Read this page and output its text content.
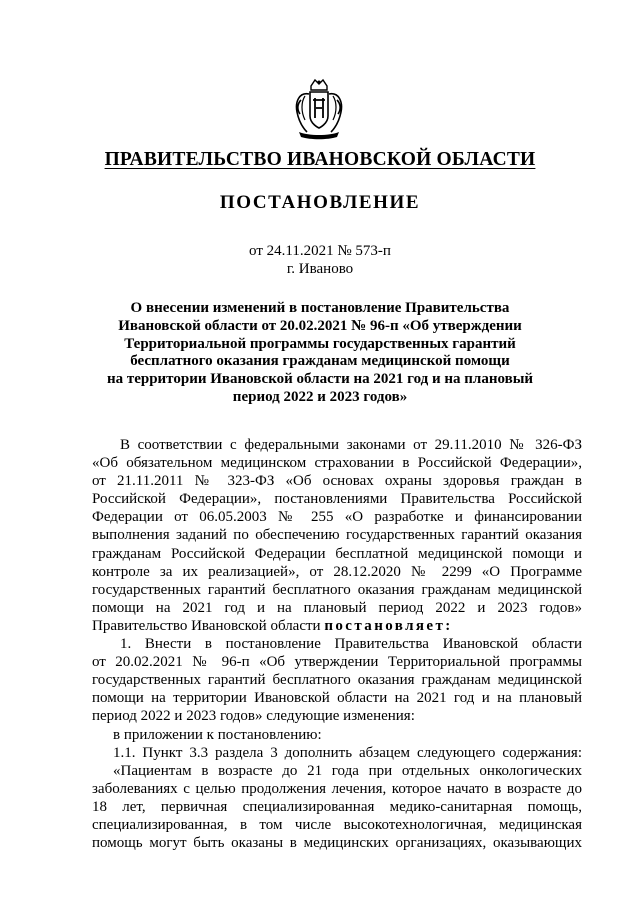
ПРАВИТЕЛЬСТВО ИВАНОВСКОЙ ОБЛАСТИ
ПОСТАНОВЛЕНИЕ
от 24.11.2021 № 573-п
г. Иваново
О внесении изменений в постановление Правительства
Ивановской области от 20.02.2021 № 96-п «Об утверждении
Территориальной программы государственных гарантий
бесплатного оказания гражданам медицинской помощи
на территории Ивановской области на 2021 год и на плановый
период 2022 и 2023 годов»
В соответствии с федеральными законами от 29.11.2010 № 326-ФЗ
«Об обязательном медицинском страховании в Российской Федерации»,
от 21.11.2011 № 323-ФЗ «Об основах охраны здоровья граждан в
Российской Федерации», постановлениями Правительства Российской
Федерации от 06.05.2003 № 255 «О разработке и финансировании
выполнения заданий по обеспечению государственных гарантий оказания
гражданам Российской Федерации бесплатной медицинской помощи и
контроле за их реализацией», от 28.12.2020 № 2299 «О Программе
государственных гарантий бесплатного оказания гражданам медицинской
помощи на 2021 год и на плановый период 2022 и 2023 годов»
Правительство Ивановской области постановляет:
1. Внести в постановление Правительства Ивановской области
от 20.02.2021 № 96-п «Об утверждении Территориальной программы
государственных гарантий бесплатного оказания гражданам медицинской
помощи на территории Ивановской области на 2021 год и на плановый
период 2022 и 2023 годов» следующие изменения:
в приложении к постановлению:
1.1. Пункт 3.3 раздела 3 дополнить абзацем следующего содержания:
«Пациентам в возрасте до 21 года при отдельных онкологических
заболеваниях с целью продолжения лечения, которое начато в возрасте до
18 лет, первичная специализированная медико-санитарная помощь,
специализированная, в том числе высокотехнологичная, медицинская
помощь могут быть оказаны в медицинских организациях, оказывающих
